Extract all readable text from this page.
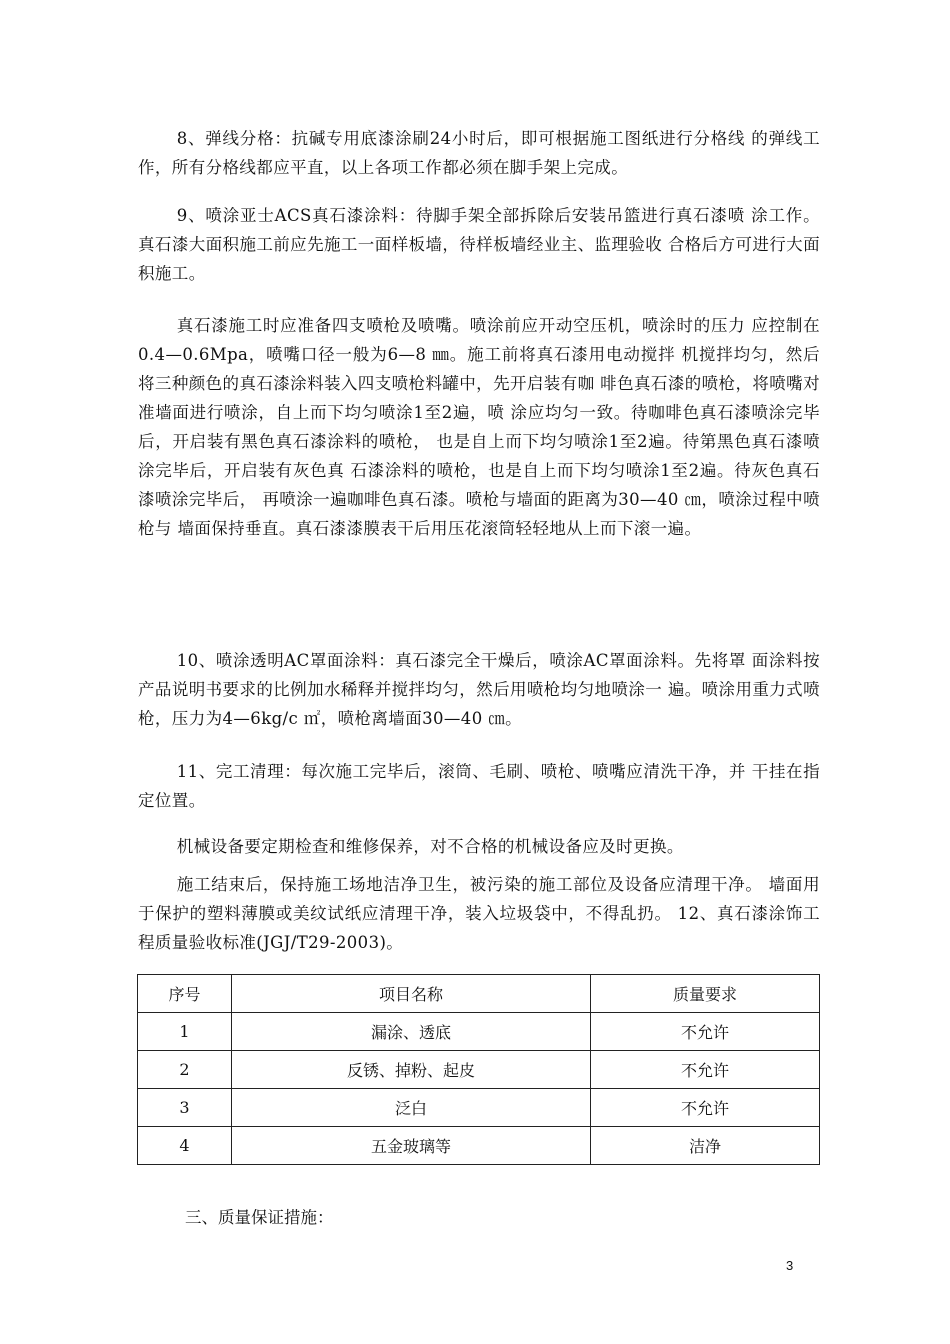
8、弹线分格：抗碱专用底漆涂刷24小时后，即可根据施工图纸进行分格线 的弹线工作，所有分格线都应平直，以上各项工作都必须在脚手架上完成。

9、喷涂亚士ACS真石漆涂料：待脚手架全部拆除后安装吊篮进行真石漆喷 涂工作。真石漆大面积施工前应先施工一面样板墙，待样板墙经业主、监理验收 合格后方可进行大面积施工。

真石漆施工时应准备四支喷枪及喷嘴。喷涂前应开动空压机，喷涂时的压力 应控制在0.4—0.6Mpa，喷嘴口径一般为6—8 ㎜。施工前将真石漆用电动搅拌 机搅拌均匀，然后将三种颜色的真石漆涂料装入四支喷枪料罐中，先开启装有咖 啡色真石漆的喷枪，将喷嘴对准墙面进行喷涂，自上而下均匀喷涂1至2遍，喷 涂应均匀一致。待咖啡色真石漆喷涂完毕后，开启装有黑色真石漆涂料的喷枪， 也是自上而下均匀喷涂1至2遍。待第黑色真石漆喷涂完毕后，开启装有灰色真 石漆涂料的喷枪，也是自上而下均匀喷涂1至2遍。待灰色真石漆喷涂完毕后， 再喷涂一遍咖啡色真石漆。喷枪与墙面的距离为30—40 ㎝，喷涂过程中喷枪与 墙面保持垂直。真石漆漆膜表干后用压花滚筒轻轻地从上而下滚一遍。

10、喷涂透明AC罩面涂料：真石漆完全干燥后，喷涂AC罩面涂料。先将罩 面涂料按产品说明书要求的比例加水稀释并搅拌均匀，然后用喷枪均匀地喷涂一 遍。喷涂用重力式喷枪，压力为4—6kg/c ㎡，喷枪离墙面30—40 ㎝。

11、完工清理：每次施工完毕后，滚筒、毛刷、喷枪、喷嘴应清洗干净，并 干挂在指定位置。

机械设备要定期检查和维修保养，对不合格的机械设备应及时更换。

施工结束后，保持施工场地洁净卫生，被污染的施工部位及设备应清理干净。 墙面用于保护的塑料薄膜或美纹试纸应清理干净，装入垃圾袋中，不得乱扔。 12、真石漆涂饰工程质量验收标准(JGJ/T29-2003)。

序号	项目名称	质量要求
1	漏涂、透底	不允许
2	反锈、掉粉、起皮	不允许
3	泛白	不允许
4	五金玻璃等	洁净

三、质量保证措施：

3
